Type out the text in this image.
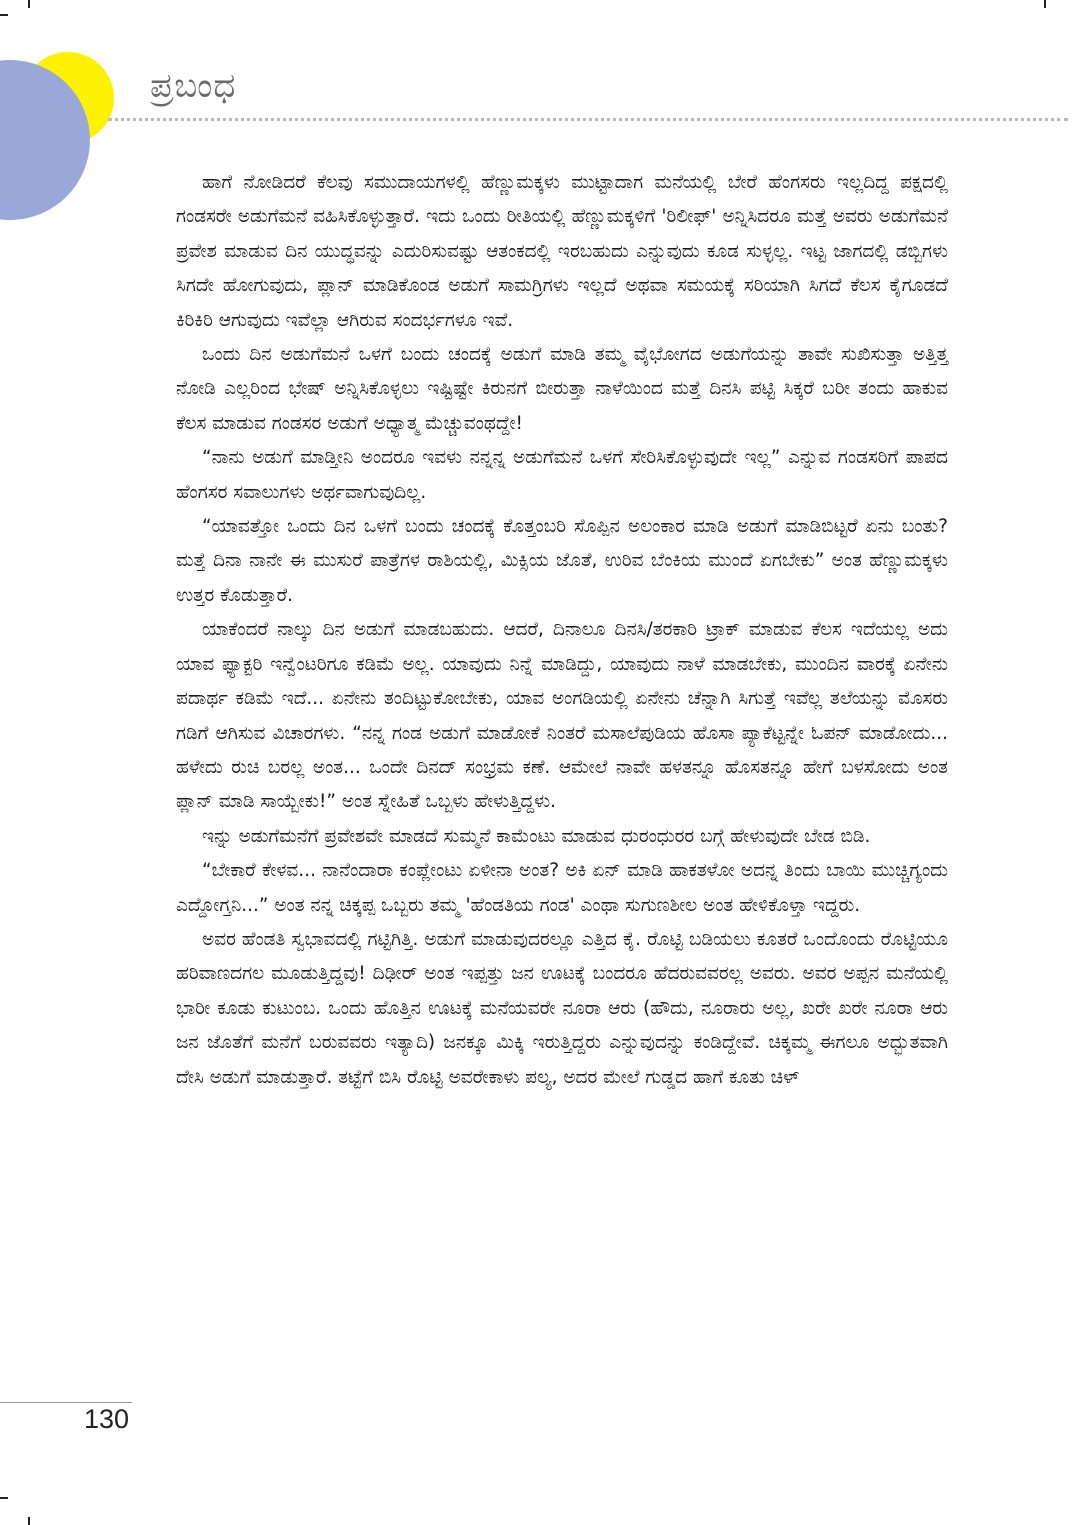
ಪ್ರಬಂಧ

ಹಾಗೆ ನೋಡಿದರೆ ಕೆಲವು ಸಮುದಾಯಗಳಲ್ಲಿ ಹೆಣ್ಣುಮಕ್ಕಳು ಮುಟ್ಟಾದಾಗ ಮನೆಯಲ್ಲಿ ಬೇರೆ ಹೆಂಗಸರು ಇಲ್ಲದಿದ್ದ ಪಕ್ಷದಲ್ಲಿ ಗಂಡಸರೇ ಅಡುಗೆಮನೆ ವಹಿಸಿಕೊಳ್ಳುತ್ತಾರೆ. ಇದು ಒಂದು ರೀತಿಯಲ್ಲಿ ಹೆಣ್ಣುಮಕ್ಕಳಿಗೆ 'ರಿಲೀಫ್' ಅನ್ನಿಸಿದರೂ ಮತ್ತೆ ಅವರು ಅಡುಗೆಮನೆ ಪ್ರವೇಶ ಮಾಡುವ ದಿನ ಯುದ್ಧವನ್ನು ಎದುರಿಸುವಷ್ಟು ಆತಂಕದಲ್ಲಿ ಇರಬಹುದು ಎನ್ನುವುದು ಕೂಡ ಸುಳ್ಳಲ್ಲ. ಇಟ್ಟ ಜಾಗದಲ್ಲಿ ಡಬ್ಬಿಗಳು ಸಿಗದೇ ಹೋಗುವುದು, ಪ್ಲಾನ್ ಮಾಡಿಕೊಂಡ ಅಡುಗೆ ಸಾಮಗ್ರಿಗಳು ಇಲ್ಲದೆ ಅಥವಾ ಸಮಯಕ್ಕೆ ಸರಿಯಾಗಿ ಸಿಗದೆ ಕೆಲಸ ಕೈಗೂಡದೆ ಕಿರಿಕಿರಿ ಆಗುವುದು ಇವೆಲ್ಲಾ ಆಗಿರುವ ಸಂದರ್ಭಗಳೂ ಇವೆ.

ಒಂದು ದಿನ ಅಡುಗೆಮನೆ ಒಳಗೆ ಬಂದು ಚಂದಕ್ಕೆ ಅಡುಗೆ ಮಾಡಿ ತಮ್ಮ ವೈಭೋಗದ ಅಡುಗೆಯನ್ನು ತಾವೇ ಸುಖಿಸುತ್ತಾ ಅತ್ತಿತ್ತ ನೋಡಿ ಎಲ್ಲರಿಂದ ಭೇಷ್ ಅನ್ನಿಸಿಕೊಳ್ಳಲು ಇಷ್ಟಿಷ್ಟೇ ಕಿರುನಗೆ ಬೀರುತ್ತಾ ನಾಳೆಯಿಂದ ಮತ್ತೆ ದಿನಸಿ ಪಟ್ಟಿ ಸಿಕ್ಕರೆ ಬರೀ ತಂದು ಹಾಕುವ ಕೆಲಸ ಮಾಡುವ ಗಂಡಸರ ಅಡುಗೆ ಅಧ್ಯಾತ್ಮ ಮೆಚ್ಚುವಂಥದ್ದೇ!

“ನಾನು ಅಡುಗೆ ಮಾಡ್ತೀನಿ ಅಂದರೂ ಇವಳು ನನ್ನನ್ನ ಅಡುಗೆಮನೆ ಒಳಗೆ ಸೇರಿಸಿಕೊಳ್ಳುವುದೇ ಇಲ್ಲ” ಎನ್ನುವ ಗಂಡಸರಿಗೆ ಪಾಪದ ಹೆಂಗಸರ ಸವಾಲುಗಳು ಅರ್ಥವಾಗುವುದಿಲ್ಲ.

“ಯಾವತ್ತೋ ಒಂದು ದಿನ ಒಳಗೆ ಬಂದು ಚಂದಕ್ಕೆ ಕೊತ್ತಂಬರಿ ಸೊಪ್ಪಿನ ಅಲಂಕಾರ ಮಾಡಿ ಅಡುಗೆ ಮಾಡಿಬಿಟ್ಟರೆ ಏನು ಬಂತು? ಮತ್ತೆ ದಿನಾ ನಾನೇ ಈ ಮುಸುರೆ ಪಾತ್ರೆಗಳ ರಾಶಿಯಲ್ಲಿ, ಮಿಕ್ಸಿಯ ಜೊತೆ, ಉರಿವ ಬೆಂಕಿಯ ಮುಂದೆ ಏಗಬೇಕು” ಅಂತ ಹೆಣ್ಣುಮಕ್ಕಳು ಉತ್ತರ ಕೊಡುತ್ತಾರೆ.

ಯಾಕೆಂದರೆ ನಾಲ್ಕು ದಿನ ಅಡುಗೆ ಮಾಡಬಹುದು. ಆದರೆ, ದಿನಾಲೂ ದಿನಸಿ/ತರಕಾರಿ ಟ್ರಾಕ್ ಮಾಡುವ ಕೆಲಸ ಇದೆಯಲ್ಲ ಅದು ಯಾವ ಫ್ಯಾಕ್ಟರಿ ಇನ್ವೆಂಟರಿಗೂ ಕಡಿಮೆ ಅಲ್ಲ. ಯಾವುದು ನಿನ್ನೆ ಮಾಡಿದ್ದು, ಯಾವುದು ನಾಳೆ ಮಾಡಬೇಕು, ಮುಂದಿನ ವಾರಕ್ಕೆ ಏನೇನು ಪದಾರ್ಥ ಕಡಿಮೆ ಇದೆ... ಏನೇನು ತಂದಿಟ್ಟುಕೋಬೇಕು, ಯಾವ ಅಂಗಡಿಯಲ್ಲಿ ಏನೇನು ಚೆನ್ನಾಗಿ ಸಿಗುತ್ತೆ ಇವೆಲ್ಲ ತಲೆಯನ್ನು ಮೊಸರು ಗಡಿಗೆ ಆಗಿಸುವ ವಿಚಾರಗಳು. “ನನ್ನ ಗಂಡ ಅಡುಗೆ ಮಾಡೋಕೆ ನಿಂತರೆ ಮಸಾಲೆಪುಡಿಯ ಹೊಸಾ ಪ್ಯಾಕೆಟ್ಟನ್ನೇ ಓಪನ್ ಮಾಡೋದು... ಹಳೇದು ರುಚಿ ಬರಲ್ಲ ಅಂತ... ಒಂದೇ ದಿನದ್ ಸಂಭ್ರಮ ಕಣೆ. ಆಮೇಲೆ ನಾವೇ ಹಳತನ್ನೂ ಹೊಸತನ್ನೂ ಹೇಗೆ ಬಳಸೋದು ಅಂತ ಪ್ಲಾನ್ ಮಾಡಿ ಸಾಯ್ಬೇಕು!” ಅಂತ ಸ್ನೇಹಿತೆ ಒಬ್ಬಳು ಹೇಳುತ್ತಿದ್ದಳು.

ಇನ್ನು ಅಡುಗೆಮನೆಗೆ ಪ್ರವೇಶವೇ ಮಾಡದೆ ಸುಮ್ಮನೆ ಕಾಮೆಂಟು ಮಾಡುವ ಧುರಂಧುರರ ಬಗ್ಗೆ ಹೇಳುವುದೇ ಬೇಡ ಬಿಡಿ.

“ಬೇಕಾರೆ ಕೇಳವ... ನಾನೆಂದಾರಾ ಕಂಪ್ಲೇಂಟು ಏಳೀನಾ ಅಂತ? ಅಕಿ ಏನ್ ಮಾಡಿ ಹಾಕತಳೋ ಅದನ್ನ ತಿಂದು ಬಾಯಿ ಮುಚ್ಚಿಗ್ಯಂದು ಎದ್ದೋಗ್ತನಿ...” ಅಂತ ನನ್ನ ಚಿಕ್ಕಪ್ಪ ಒಬ್ಬರು ತಮ್ಮ 'ಹೆಂಡತಿಯ ಗಂಡ' ಎಂಥಾ ಸುಗುಣಶೀಲ ಅಂತ ಹೇಳಿಕೊಳ್ತಾ ಇದ್ದರು.

ಅವರ ಹೆಂಡತಿ ಸ್ವಭಾವದಲ್ಲಿ ಗಟ್ಟಿಗಿತ್ತಿ. ಅಡುಗೆ ಮಾಡುವುದರಲ್ಲೂ ಎತ್ತಿದ ಕೈ. ರೊಟ್ಟಿ ಬಡಿಯಲು ಕೂತರೆ ಒಂದೊಂದು ರೊಟ್ಟಿಯೂ ಹರಿವಾಣದಗಲ ಮೂಡುತ್ತಿದ್ದವು! ದಿಢೀರ್ ಅಂತ ಇಪ್ಪತ್ತು ಜನ ಊಟಕ್ಕೆ ಬಂದರೂ ಹೆದರುವವರಲ್ಲ ಅವರು. ಅವರ ಅಪ್ಪನ ಮನೆಯಲ್ಲಿ ಭಾರೀ ಕೂಡು ಕುಟುಂಬ. ಒಂದು ಹೊತ್ತಿನ ಊಟಕ್ಕೆ ಮನೆಯವರೇ ನೂರಾ ಆರು (ಹೌದು, ನೂರಾರು ಅಲ್ಲ, ಖರೇ ಖರೇ ನೂರಾ ಆರು ಜನ ಜೊತೆಗೆ ಮನೆಗೆ ಬರುವವರು ಇತ್ಯಾದಿ) ಜನಕ್ಕೂ ಮಿಕ್ಕಿ ಇರುತ್ತಿದ್ದರು ಎನ್ನುವುದನ್ನು ಕಂಡಿದ್ದೇವೆ. ಚಿಕ್ಕಮ್ಮ ಈಗಲೂ ಅದ್ಭುತವಾಗಿ ದೇಸಿ ಅಡುಗೆ ಮಾಡುತ್ತಾರೆ. ತಟ್ಟೆಗೆ ಬಿಸಿ ರೊಟ್ಟಿ ಅವರೇಕಾಳು ಪಲ್ಯ, ಅದರ ಮೇಲೆ ಗುಡ್ಡದ ಹಾಗೆ ಕೂತು ಚಿಳ್

130
